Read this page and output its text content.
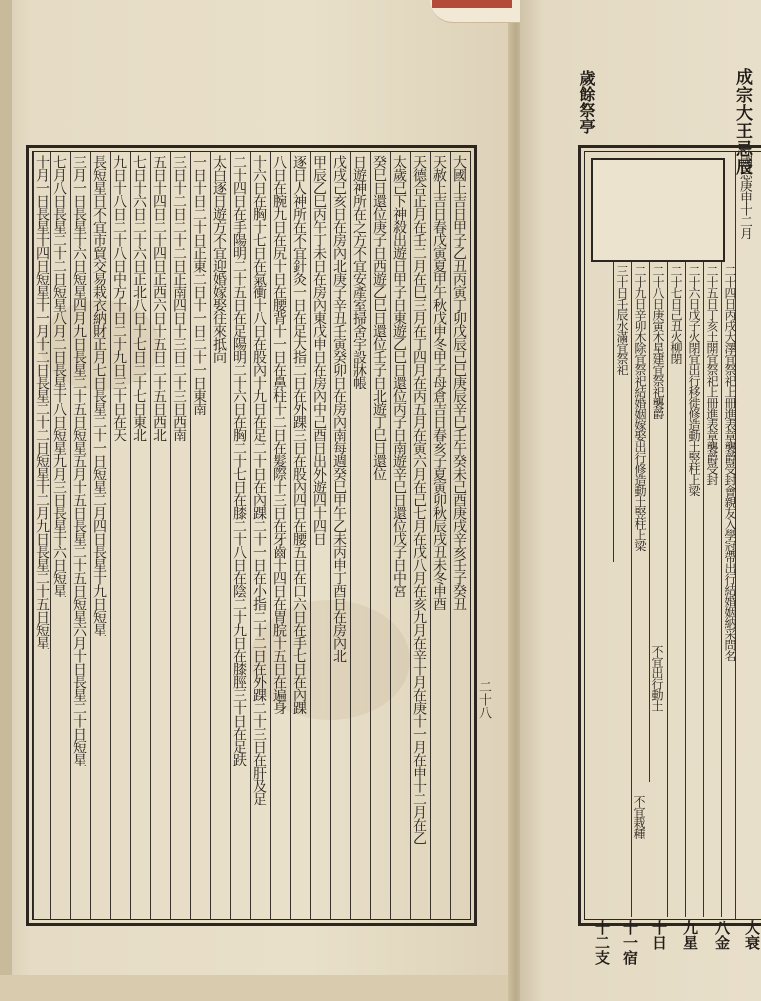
大國上吉日甲子乙丑丙寅丁卯戊辰己巳庚辰辛巳壬午癸未己酉庚戌辛亥壬子癸丑
天赦上吉日春戊寅夏甲午秋戊申冬甲子母倉吉日春亥子夏寅卯秋辰戌丑未冬申酉
天德合正月在壬二月在巳三月在丁四月在丙五月在寅六月在己七月在戊八月在亥九月在辛十月在庚十一月在申十二月在乙
太歲己下神殺出遊日甲子日東遊乙巳日還位丙子日南遊辛巳日還位戊子日中宮
癸巳日還位庚子日西遊乙巳日還位壬子日北遊丁巳日還位
日遊神所在之方不宜安產室掃舍宇設牀帳
戊戌己亥日在房內北庚子辛丑壬寅癸卯日在房內南每週癸巳甲午乙未丙申丁酉日在房內北
甲辰乙巳丙午丁未日在房內東戊申日在房內中己酉日出外遊四十四日
逐日人神所在不宜針灸一日在足大指二日在外踝三日在股內四日在腰五日在口六日在手七日在內踝
八日在腕九日在尻十日在腰背十一日在鼻柱十二日在髮際十三日在牙齒十四日在胃脘十五日在遍身
十六日在胸十七日在氣衝十八日在股內十九日在足二十日在內踝二十一日在小指二十二日在外踝二十三日在肝及足
二十四日在手陽明二十五日在足陽明二十六日在胸二十七日在膝二十八日在陰二十九日在膝脛三十日在足趺
太白逐日遊方不宜迎婚嫁娶往來抵向
一日十日二十日正東二日十一日二十一日東南
三日十二日二十二日正南四日十三日二十三日西南
五日十四日二十四日正西六日十五日二十五日西北
七日十六日二十六日正北八日十七日二十七日東北
九日十八日二十八日中方十日二十九日三十日在天
長短星日不宜市貿交易栽衣納財正月七日長星二十一日短星二月四日長星十九日短星
三月一日長星十六日短星四月九日長星二十五日短星五月十五日長星二十五日短星六月十日長星二十日短星
七月八日長星二十二日短星八月二日長星十八日短星九月三日長星十六日短星
十月一日長星十四日短星十一月十二日長星二十二日短星十二月九日長星二十五日短星
二十八
成宗大王忌辰
歲餘祭亭
國忌庚申十二月
二十四日丙戌大澤宜祭祀上冊進表章襲爵受封會親友入學冠帶出行結婚姻納采問名
二十五日丁亥土開宜祭祀上冊進表章襲爵受封
二十六日戊子火閉宜出行移徙修造動土竪柱上梁
二十七日己丑火柳閉
二十八日庚寅木星建宜祭祀襲爵
二十九日辛卯木除宜祭祀結婚姻嫁娶出行修造動土竪柱上梁
三十日壬辰水滿宜祭祀
不宜出行動土
不宜栽種
大衰
八金
九星
十日
十一宿
十二支
